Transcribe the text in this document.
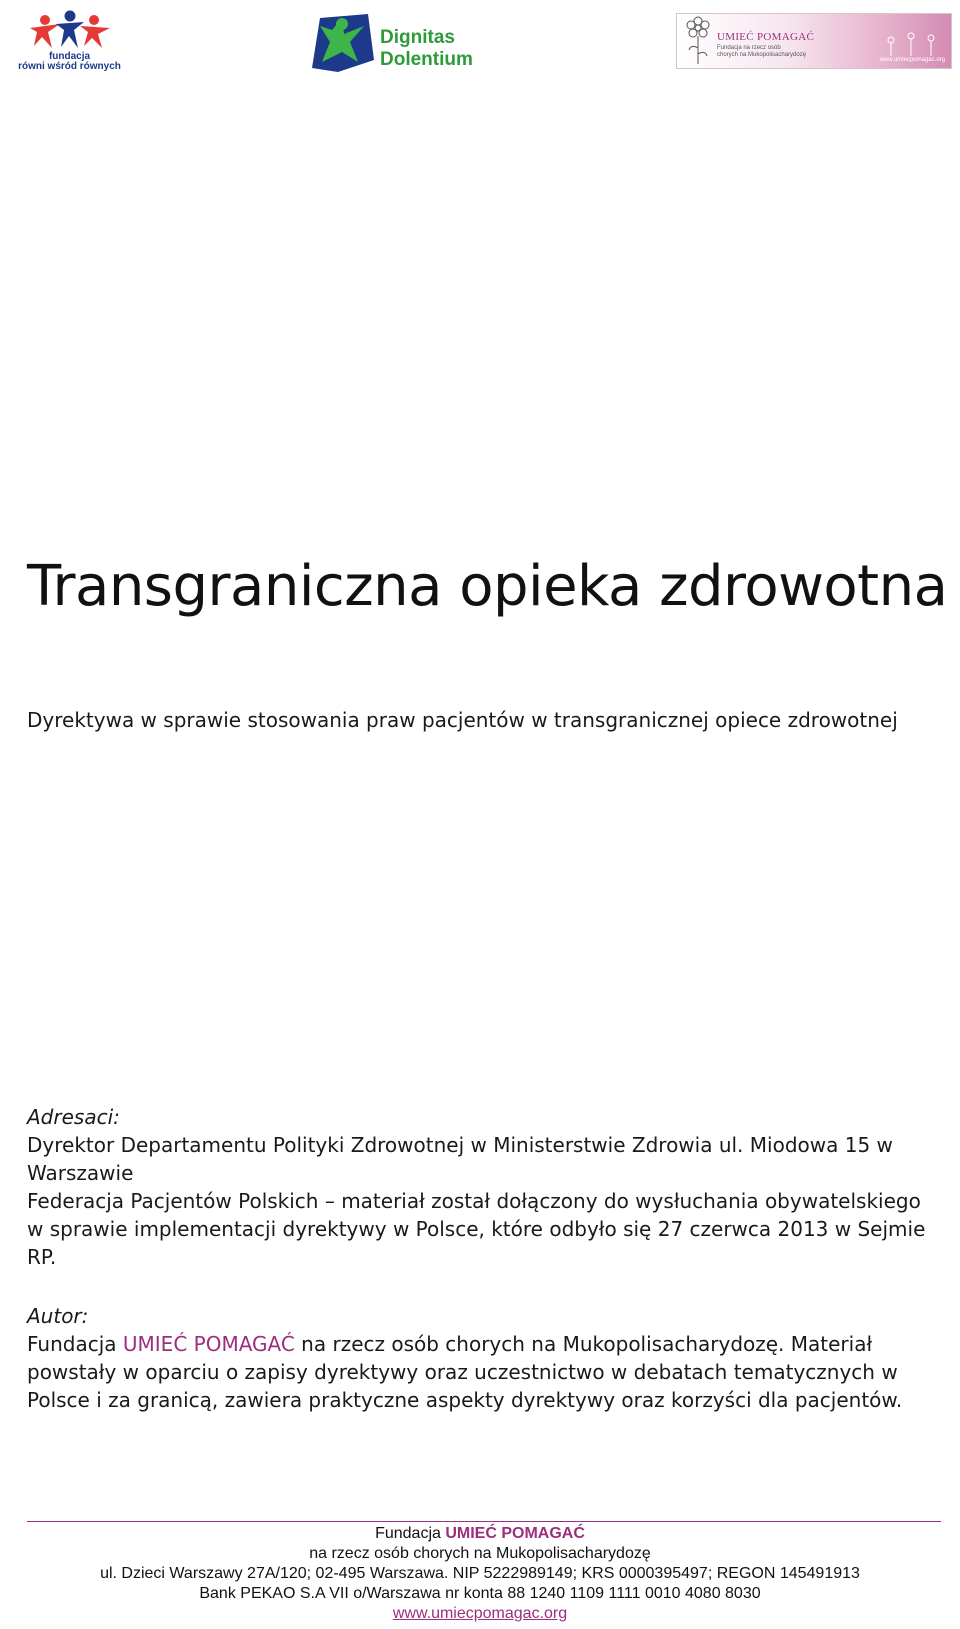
fundacja
równi wśród równych
Dignitas
Dolentium
UMIEĆ POMAGAĆ
Fundacja na rzecz osób
chorych na Mukopolisacharydozę
www.umiecpomagac.org
Transgraniczna opieka zdrowotna

Dyrektywa w sprawie stosowania praw pacjentów w transgranicznej opiece zdrowotnej

Adresaci:

Dyrektor Departamentu Polityki Zdrowotnej w Ministerstwie Zdrowia ul. Miodowa 15 w Warszawie

Federacja Pacjentów Polskich – materiał został dołączony do wysłuchania obywatelskiego w sprawie implementacji dyrektywy w Polsce, które odbyło się 27 czerwca 2013 w Sejmie RP.

Autor:

Fundacja UMIEĆ POMAGAĆ na rzecz osób chorych na Mukopolisacharydozę. Materiał powstały w oparciu o zapisy dyrektywy oraz uczestnictwo w debatach tematycznych w Polsce i za granicą, zawiera praktyczne aspekty dyrektywy oraz korzyści dla pacjentów.

Fundacja UMIEĆ POMAGAĆ
na rzecz osób chorych na Mukopolisacharydozę
ul. Dzieci Warszawy 27A/120; 02-495 Warszawa. NIP 5222989149; KRS 0000395497; REGON 145491913
Bank PEKAO S.A VII o/Warszawa nr konta 88 1240 1109 1111 0010 4080 8030
www.umiecpomagac.org
